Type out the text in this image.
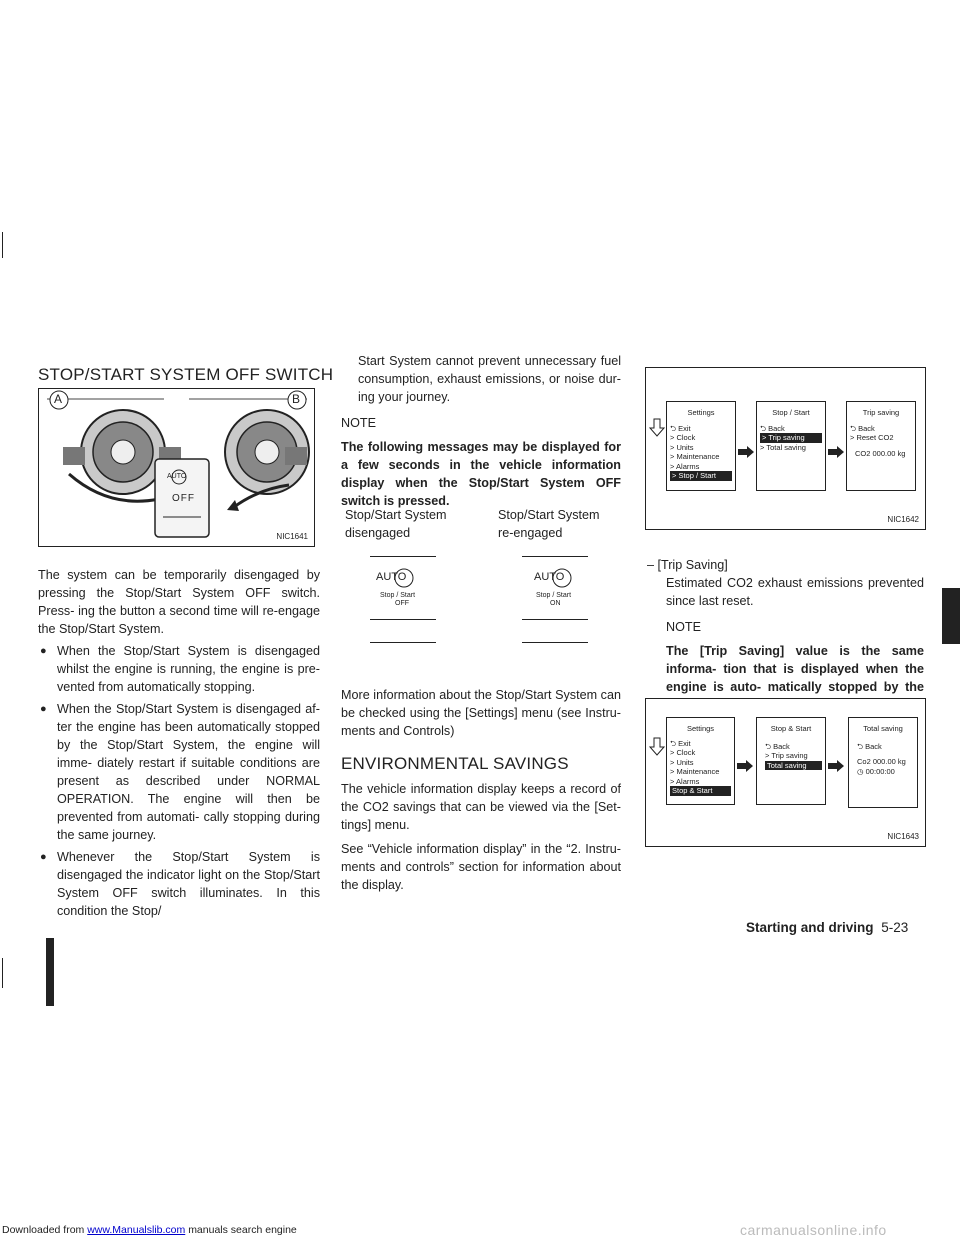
STOP/START SYSTEM OFF SWITCH
A	B
AUTO
OFF
NIC1641

The system can be temporarily disengaged by pressing the Stop/Start System OFF switch. Press- ing the button a second time will re-engage the Stop/Start System.

● When the Stop/Start System is disengaged whilst the engine is running, the engine is pre- vented from automatically stopping.
● When the Stop/Start System is disengaged af- ter the engine has been automatically stopped by the Stop/Start System, the engine will imme- diately restart if suitable conditions are present as described under NORMAL OPERATION. The engine will then be prevented from automati- cally stopping during the same journey.
● Whenever the Stop/Start System is disengaged the indicator light on the Stop/Start System OFF switch illuminates. In this condition the Stop/

Start System cannot prevent unnecessary fuel consumption, exhaust emissions, or noise dur- ing your journey.

NOTE

The following messages may be displayed for a few seconds in the vehicle information display when the Stop/Start System OFF switch is pressed.

Stop/Start System disengaged
Stop/Start System re-engaged
AUTO
Stop / Start
OFF
AUTO
Stop / Start
ON

More information about the Stop/Start System can be checked using the [Settings] menu (see Instru- ments and Controls)

ENVIRONMENTAL SAVINGS

The vehicle information display keeps a record of the CO2 savings that can be viewed via the [Set- tings] menu.

See “Vehicle information display” in the “2. Instru- ments and controls” section for information about the display.

Settings
⮌ Exit
> Clock
> Units
> Maintenance
> Alarms
> Stop / Start
Stop / Start
⮌ Back
> Trip saving
> Total saving
Trip saving
⮌ Back
> Reset CO2
CO2 000.00 kg
NIC1642
– [Trip Saving]

Estimated CO2 exhaust emissions prevented since last reset.

NOTE

The [Trip Saving] value is the same informa- tion that is displayed when the engine is auto- matically stopped by the

Settings
⮌ Exit
> Clock
> Units
> Maintenance
> Alarms
Stop & Start
Stop & Start
⮌ Back
> Trip saving
Total saving
Total saving
⮌ Back
Co2 000.00 kg
◷ 00:00:00
NIC1643
Starting and driving 5-23
Downloaded from www.Manualslib.com manuals search engine	carmanualsonline.info
